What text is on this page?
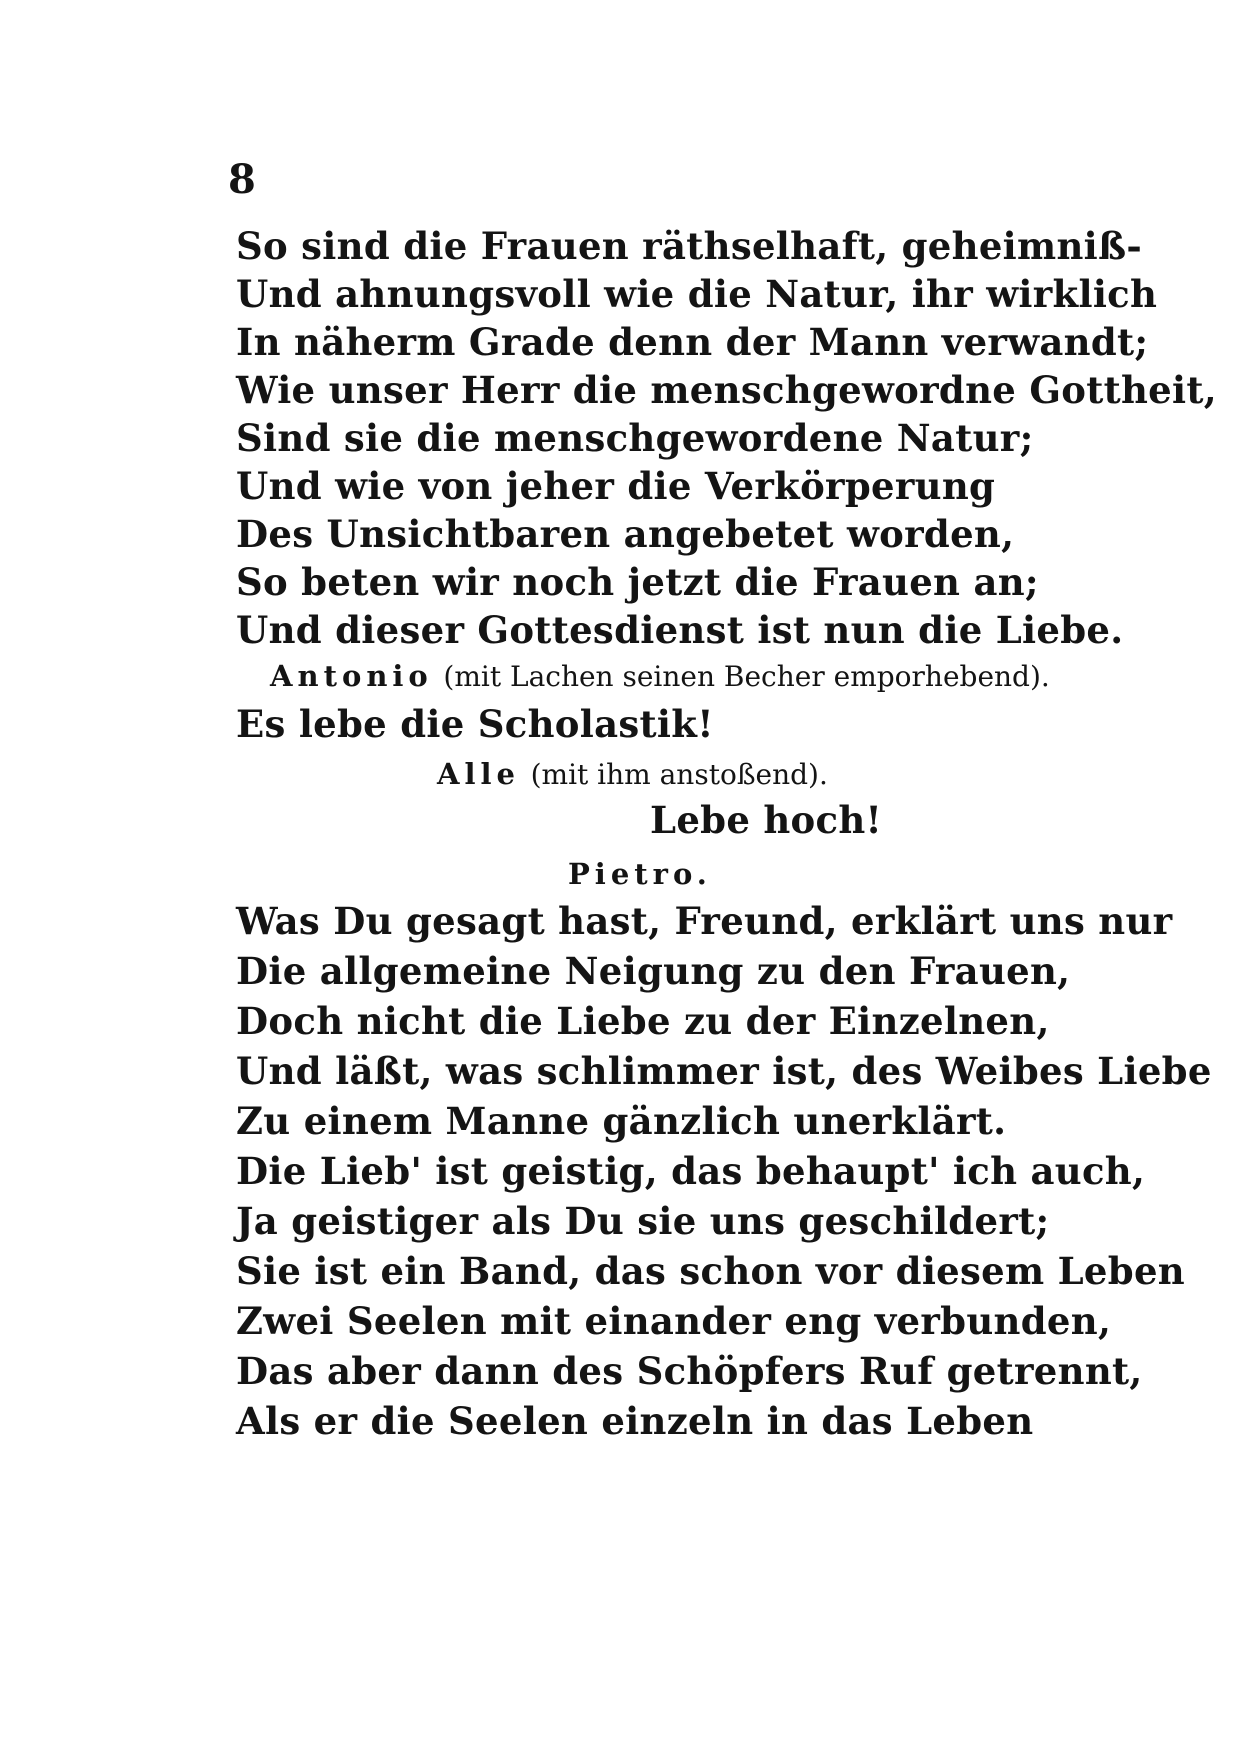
8
So sind die Frauen räthselhaft, geheimniß-
Und ahnungsvoll wie die Natur, ihr wirklich
In näherm Grade denn der Mann verwandt;
Wie unser Herr die menschgewordne Gottheit,
Sind sie die menschgewordene Natur;
Und wie von jeher die Verkörperung
Des Unsichtbaren angebetet worden,
So beten wir noch jetzt die Frauen an;
Und dieser Gottesdienst ist nun die Liebe.
Antonio (mit Lachen seinen Becher emporhebend).
Es lebe die Scholastik!
Alle (mit ihm anstoßend).
Lebe hoch!
Pietro.
Was Du gesagt hast, Freund, erklärt uns nur
Die allgemeine Neigung zu den Frauen,
Doch nicht die Liebe zu der Einzelnen,
Und läßt, was schlimmer ist, des Weibes Liebe
Zu einem Manne gänzlich unerklärt.
Die Lieb' ist geistig, das behaupt' ich auch,
Ja geistiger als Du sie uns geschildert;
Sie ist ein Band, das schon vor diesem Leben
Zwei Seelen mit einander eng verbunden,
Das aber dann des Schöpfers Ruf getrennt,
Als er die Seelen einzeln in das Leben
